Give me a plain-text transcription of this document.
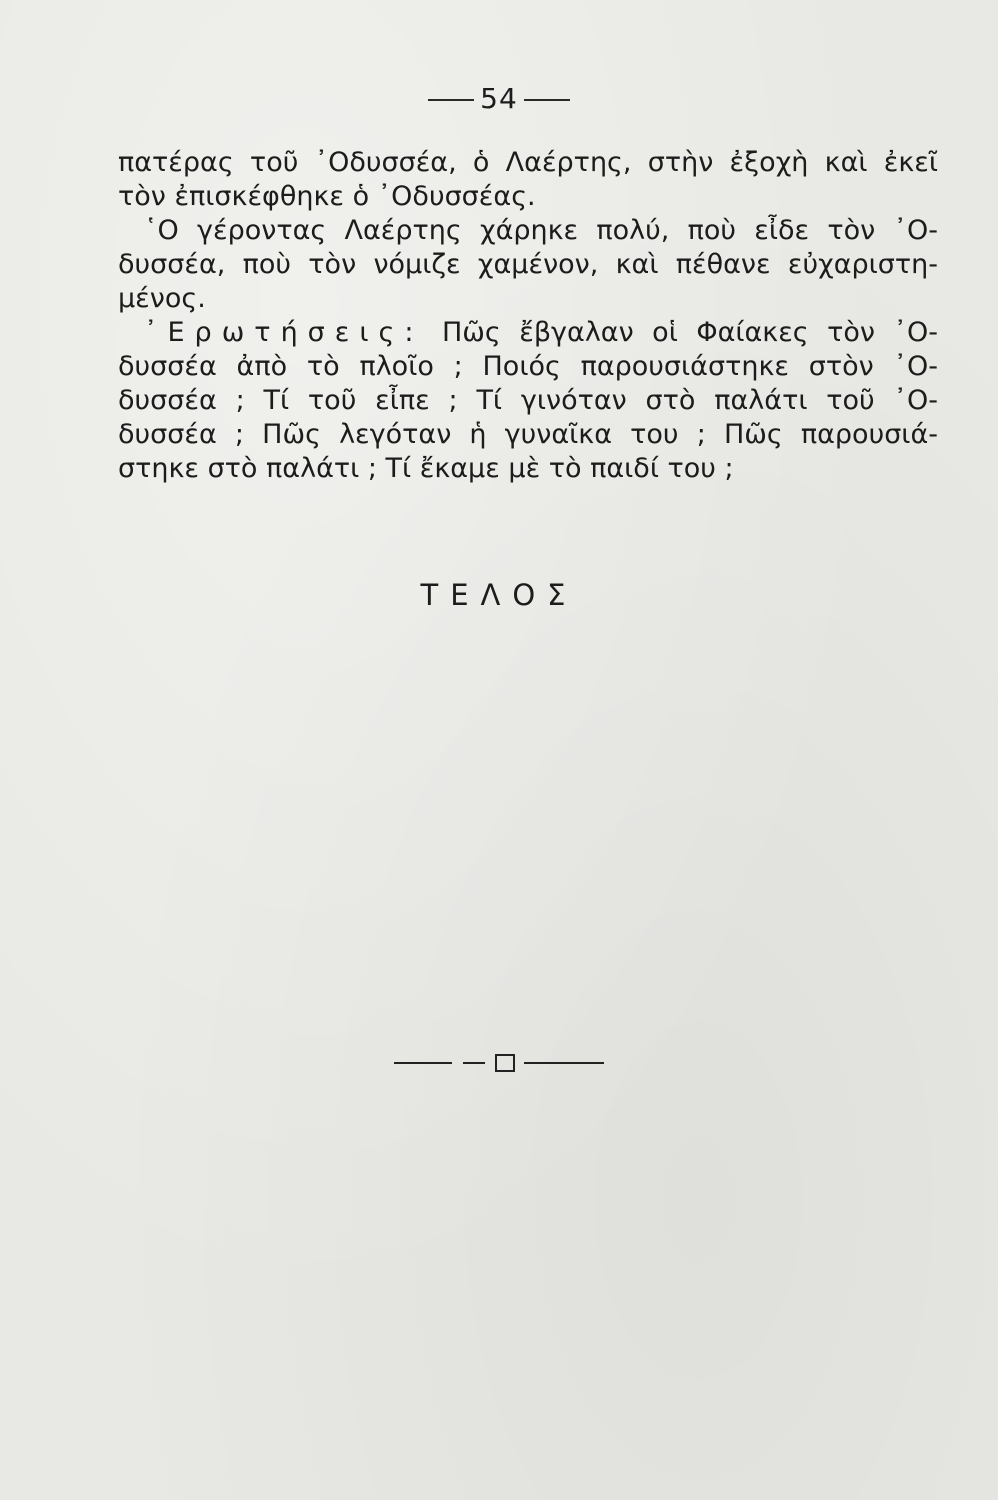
54
πατέρας τοῦ ᾿Οδυσσέα, ὁ Λαέρτης, στὴν ἐξοχὴ καὶ ἐκεῖ
τὸν ἐπισκέφθηκε ὁ ᾿Οδυσσέας.
῾Ο γέροντας Λαέρτης χάρηκε πολύ, ποὺ εἶδε τὸν ᾿Ο-
δυσσέα, ποὺ τὸν νόμιζε χαμένον, καὶ πέθανε εὐχαριστη-
μένος.
᾿Ερωτήσεις: Πῶς ἔβγαλαν οἱ Φαίακες τὸν ᾿Ο-
δυσσέα ἀπὸ τὸ πλοῖο ; Ποιός παρουσιάστηκε στὸν ᾿Ο-
δυσσέα ; Τί τοῦ εἶπε ; Τί γινόταν στὸ παλάτι τοῦ ᾿Ο-
δυσσέα ; Πῶς λεγόταν ἡ γυναῖκα του ; Πῶς παρουσιά-
στηκε στὸ παλάτι ; Τί ἔκαμε μὲ τὸ παιδί του ;
ΤΕΛΟΣ
